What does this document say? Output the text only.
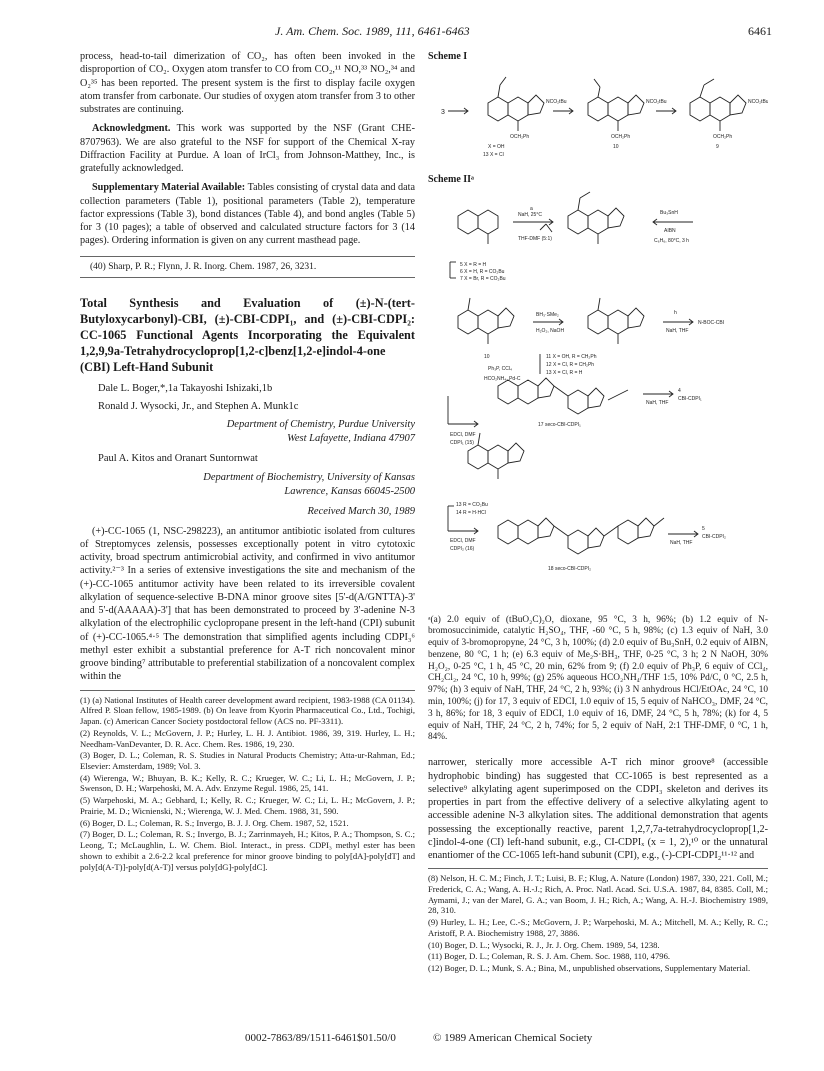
J. Am. Chem. Soc. 1989, 111, 6461-6463	6461

process, head-to-tail dimerization of CO₂, has often been invoked in the disproportion of CO₂. Oxygen atom transfer to CO from CO₂,¹¹ NO,³³ NO₂,³⁴ and O₂³⁵ has been reported. The present system is the first to display facile oxygen atom transfer from carbonate. Our studies of oxygen atom transfer from 3 to other substrates are continuing.

Acknowledgment. This work was supported by the NSF (Grant CHE-8707963). We are also grateful to the NSF for support of the Chemical X-ray Diffraction Facility at Purdue. A loan of IrCl₃ from Johnson-Matthey, Inc., is gratefully acknowledged.

Supplementary Material Available: Tables consisting of crystal data and data collection parameters (Table 1), positional parameters (Table 2), temperature factor expressions (Table 3), bond distances (Table 4), and bond angles (Table 5) for 3 (10 pages); a table of observed and calculated structure factors for 3 (14 pages). Ordering information is given on any current masthead page.

(40) Sharp, P. R.; Flynn, J. R. Inorg. Chem. 1987, 26, 3231.
Total Synthesis and Evaluation of (±)-N-(tert-Butyloxycarbonyl)-CBI, (±)-CBI-CDPI₁, and (±)-CBI-CDPI₂: CC-1065 Functional Agents Incorporating the Equivalent 1,2,9,9a-Tetrahydrocycloprop[1,2-c]benz[1,2-e]indol-4-one (CBI) Left-Hand Subunit
Dale L. Boger,*,1a Takayoshi Ishizaki,1b
Ronald J. Wysocki, Jr., and Stephen A. Munk1c
Department of Chemistry, Purdue University
West Lafayette, Indiana 47907
Paul A. Kitos and Oranart Suntornwat
Department of Biochemistry, University of Kansas
Lawrence, Kansas 66045-2500
Received March 30, 1989

(+)-CC-1065 (1, NSC-298223), an antitumor antibiotic isolated from cultures of Streptomyces zelensis, possesses exceptionally potent in vitro cytotoxic activity, broad spectrum antimicrobial activity, and confirmed in vivo antitumor activity.²⁻³ In a series of extensive investigations the site and mechanism of the (+)-CC-1065 antitumor activity have been related to its irreversible covalent alkylation of sequence-selective B-DNA minor groove sites [5'-d(A/GNTTA)-3' and 5'-d(AAAAA)-3'] that has been demonstrated to proceed by 3'-adenine N-3 alkylation of the electrophilic cyclopropane present in the left-hand (CPI) subunit of (+)-CC-1065.⁴·⁵ The demonstration that simplified agents including CDPI₃⁶ methyl ester exhibit a substantial preference for A-T rich noncovalent minor groove binding⁷ attributable to preferential stabilization of a noncovalent complex within the

(1) (a) National Institutes of Health career development award recipient, 1983-1988 (CA 01134). Alfred P. Sloan fellow, 1985-1989. (b) On leave from Kyorin Pharmaceutical Co., Ltd., Tochigi, Japan. (c) American Cancer Society postdoctoral fellow (ACS no. PF-3311).
(2) Reynolds, V. L.; McGovern, J. P.; Hurley, L. H. J. Antibiot. 1986, 39, 319. Hurley, L. H.; Needham-VanDevanter, D. R. Acc. Chem. Res. 1986, 19, 230.
(3) Boger, D. L.; Coleman, R. S. Studies in Natural Products Chemistry; Atta-ur-Rahman, Ed.; Elsevier: Amsterdam, 1989; Vol. 3.
(4) Wierenga, W.; Bhuyan, B. K.; Kelly, R. C.; Krueger, W. C.; Li, L. H.; McGovern, J. P.; Swenson, D. H.; Warpehoski, M. A. Adv. Enzyme Regul. 1986, 25, 141.
(5) Warpehoski, M. A.; Gebhard, I.; Kelly, R. C.; Krueger, W. C.; Li, L. H.; McGovern, J. P.; Prairie, M. D.; Wicnienski, N.; Wierenga, W. J. Med. Chem. 1988, 31, 590.
(6) Boger, D. L.; Coleman, R. S.; Invergo, B. J. J. Org. Chem. 1987, 52, 1521.
(7) Boger, D. L.; Coleman, R. S.; Invergo, B. J.; Zarrinmayeh, H.; Kitos, P. A.; Thompson, S. C.; Leong, T.; McLaughlin, L. W. Chem. Biol. Interact., in press. CDPI₃ methyl ester has been shown to exhibit a 2.6-2.2 kcal preference for minor groove binding to poly[dA]-poly[dT] and poly[d(A-T)]-poly[d(A-T)] versus poly[dG]-poly[dC].
Scheme I
3
NCO₂tBu	NCO₂tBu	NCO₂tBu
OCH₂Ph	OCH₂Ph	OCH₂Ph
X = OH
13 X = Cl
10	9
Scheme IIᵃ
NaH, 25°C
a
THF-DMF (5:1)
Bu₃SnH
AIBN
C₆H₆, 80°C, 3 h
5 X = R = H
6 X = H, R = CO₂Bu
7 X = Br, R = CO₂Bu
BH₃·SMe₂
H₂O₂, NaOH
h
NaH, THF
N-BOC-CBI
10
Ph₃P, CCl₄
HCO₂NH₄, Pd-C
11 X = OH, R = CH₂Ph
12 X = Cl, R = CH₂Ph
13 X = Cl, R = H
EDCI, DMF
CDPI₁ (15)
NaH, THF
4
CBI-CDPI₁
17 seco-CBI-CDPI₁
13 R = CO₂Bu
14 R = H·HCl
EDCI, DMF
CDPI₂ (16)
NaH, THF
5
CBI-CDPI₂
18 seco-CBI-CDPI₂
ᵃ(a) 2.0 equiv of (tBuO₂C)₂O, dioxane, 95 °C, 3 h, 96%; (b) 1.2 equiv of N-bromosuccinimide, catalytic H₂SO₄, THF, -60 °C, 5 h, 98%; (c) 1.3 equiv of NaH, 3.0 equiv of 3-bromopropyne, 24 °C, 3 h, 100%; (d) 2.0 equiv of Bu₃SnH, 0.2 equiv of AIBN, benzene, 80 °C, 1 h; (e) 6.3 equiv of Me₂S·BH₃, THF, 0-25 °C, 3 h; 2 N NaOH, 30% H₂O₂, 0-25 °C, 1 h, 45 °C, 20 min, 62% from 9; (f) 2.0 equiv of Ph₃P, 6 equiv of CCl₄, CH₂Cl₂, 24 °C, 10 h, 99%; (g) 25% aqueous HCO₂NH₄/THF 1:5, 10% Pd/C, 0 °C, 2.5 h, 97%; (h) 3 equiv of NaH, THF, 24 °C, 2 h, 93%; (i) 3 N anhydrous HCl/EtOAc, 24 °C, 10 min, 100%; (j) for 17, 3 equiv of EDCI, 1.0 equiv of 15, 5 equiv of NaHCO₃, DMF, 24 °C, 3 h, 86%; for 18, 3 equiv of EDCI, 1.0 equiv of 16, DMF, 24 °C, 5 h, 78%; (k) for 4, 5 equiv of NaH, THF, 24 °C, 2 h, 74%; for 5, 2 equiv of NaH, 2:1 THF-DMF, 0 °C, 1 h, 84%.

narrower, sterically more accessible A-T rich minor groove⁸ (accessible hydrophobic binding) has suggested that CC-1065 is best represented as a selective⁹ alkylating agent superimposed on the CDPI₃ skeleton and derives its properties in part from the effective delivery of a selective alkylating agent to accessible adenine N-3 alkylation sites. The additional demonstration that agents possessing the exceptionally reactive, parent 1,2,7,7a-tetrahydrocycloprop[1,2-c]indol-4-one (CI) left-hand subunit, e.g., CI-CDPIₓ (x = 1, 2),¹⁰ or the unnatural enantiomer of the CC-1065 left-hand subunit (CPI), e.g., (-)-CPI-CDPI₂¹¹·¹² and

(8) Nelson, H. C. M.; Finch, J. T.; Luisi, B. F.; Klug, A. Nature (London) 1987, 330, 221. Coll, M.; Frederick, C. A.; Wang, A. H.-J.; Rich, A. Proc. Natl. Acad. Sci. U.S.A. 1987, 84, 8385. Coll, M.; Aymami, J.; van der Marel, G. A.; van Boom, J. H.; Rich, A.; Wang, A. H.-J. Biochemistry 1989, 28, 310.
(9) Hurley, L. H.; Lee, C.-S.; McGovern, J. P.; Warpehoski, M. A.; Mitchell, M. A.; Kelly, R. C.; Aristoff, P. A. Biochemistry 1988, 27, 3886.
(10) Boger, D. L.; Wysocki, R. J., Jr. J. Org. Chem. 1989, 54, 1238.
(11) Boger, D. L.; Coleman, R. S. J. Am. Chem. Soc. 1988, 110, 4796.
(12) Boger, D. L.; Munk, S. A.; Bina, M., unpublished observations, Supplementary Material.
0002-7863/89/1511-6461$01.50/0	© 1989 American Chemical Society
